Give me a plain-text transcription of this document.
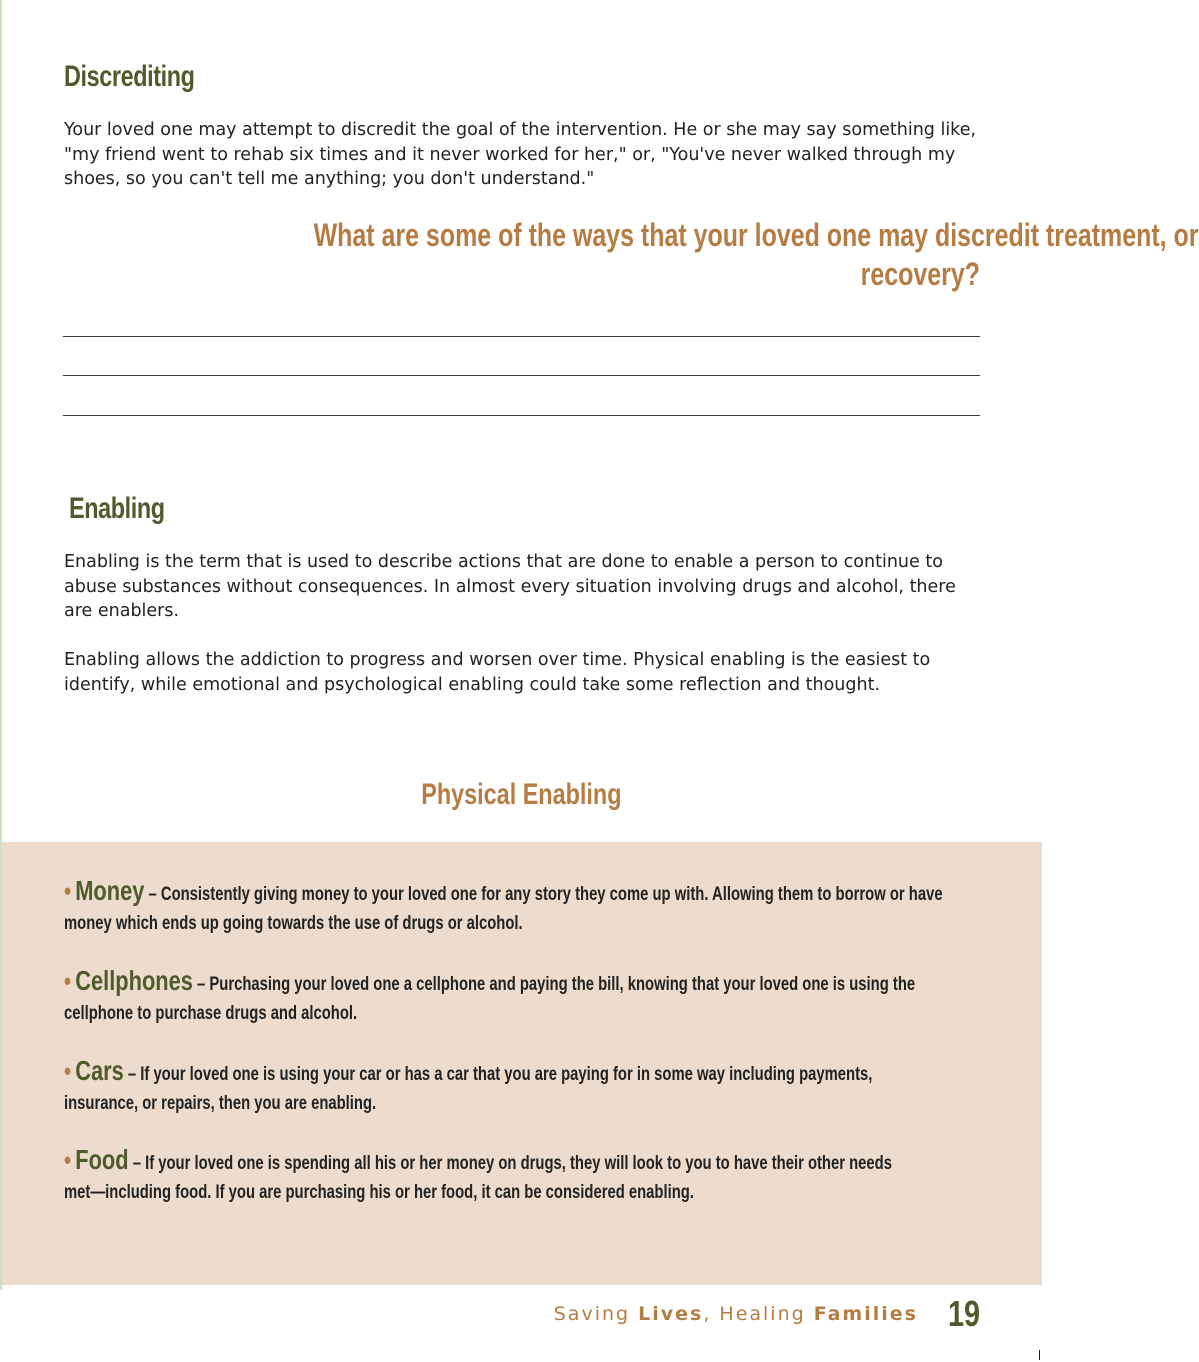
Discrediting

Your loved one may attempt to discredit the goal of the intervention. He or she may say something like, "my friend went to rehab six times and it never worked for her," or, "You've never walked through my shoes, so you can't tell me anything; you don't understand."

What are some of the ways that your loved one may discredit treatment, or
recovery?
Enabling

Enabling is the term that is used to describe actions that are done to enable a person to continue to abuse substances without consequences. In almost every situation involving drugs and alcohol, there are enablers.

Enabling allows the addiction to progress and worsen over time. Physical enabling is the easiest to identify, while emotional and psychological enabling could take some reflection and thought.

Physical Enabling

• Money – Consistently giving money to your loved one for any story they come up with. Allowing them to borrow or have
money which ends up going towards the use of drugs or alcohol.

• Cellphones – Purchasing your loved one a cellphone and paying the bill, knowing that your loved one is using the
cellphone to purchase drugs and alcohol.

• Cars – If your loved one is using your car or has a car that you are paying for in some way including payments,
insurance, or repairs, then you are enabling.

• Food – If your loved one is spending all his or her money on drugs, they will look to you to have their other needs
met—including food. If you are purchasing his or her food, it can be considered enabling.

Saving Lives, Healing Families 19
